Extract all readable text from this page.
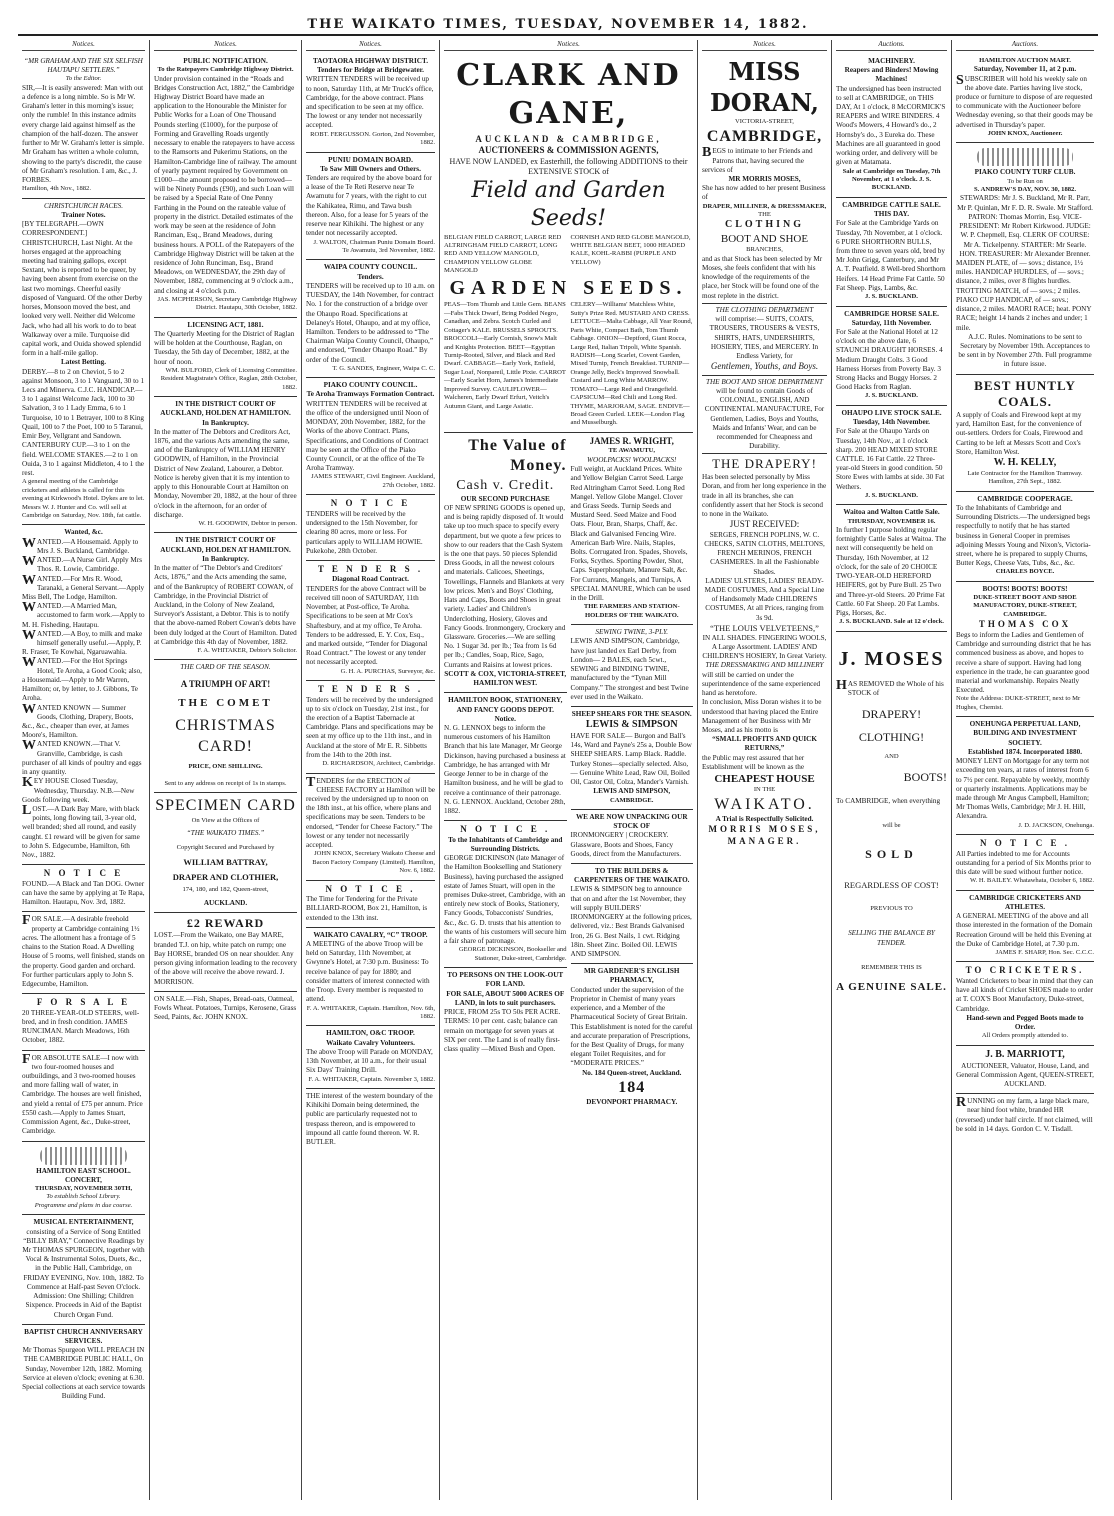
THE WAIKATO TIMES, TUESDAY, NOVEMBER 14, 1882.
Notices.
“MR GRAHAM AND THE SIX SELFISH HAUTAPU SETTLERS.”
To the Editor.
SIR,—It is easily answered: Man with out a defence is a long nimble. So is Mr W. Graham's letter in this morning's issue; only the rumble! In this instance admits every charge laid against himself as the champion of the half-dozen. The answer further to Mr W. Graham's letter is simple. Mr Graham has written a whole column, showing to the party's discredit, the cause of Mr Graham's resolution. I am, &c., J. FORBES.
Hamilton, 4th Nov., 1882.
CHRISTCHURCH RACES.
Trainer Notes.
[BY TELEGRAPH.—OWN CORRESPONDENT.] CHRISTCHURCH, Last Night. At the horses engaged at the approaching meeting had training gallops, except Sextant, who is reported to be queer, by having been absent from exercise on the last two mornings. Cheerful easily disposed of Vanguard. Of the other Derby horses, Monsoon moved the best, and looked very well. Neither did Welcome Jack, who had all his work to do to beat Walkaway over a mile. Turquoise did capital work, and Ouida showed splendid form in a half-mile gallop.
Latest Betting.
DERBY.—8 to 2 on Cheviot, 5 to 2 against Monsoon, 3 to 1 Vanguard, 30 to 1 Lecs and Minerva. C.J.C. HANDICAP.—3 to 1 against Welcome Jack, 100 to 30 Salvation, 3 to 1 Lady Emma, 6 to 1 Turquoise, 10 to 1 Betrayer, 100 to 8 King Quail, 100 to 7 the Poet, 100 to 5 Taranui, Emir Bey, Vellgrant and Sandown. CANTERBURY CUP.—3 to 1 on the field. WELCOME STAKES.—2 to 1 on Ouida, 3 to 1 against Middleton, 4 to 1 the rest.
A general meeting of the Cambridge cricketers and athletes is called for this evening at Kirkwood's Hotel. Dykes are to let. Messrs W. J. Hunter and Co. will sell at Cambridge on Saturday, Nov. 18th, fat cattle.
Wanted, &c.
WANTED.—A Housemaid. Apply to Mrs J. S. Buckland, Cambridge.
WANTED.—A Nurse Girl. Apply Mrs Thos. R. Lowie, Cambridge.
WANTED.—For Mrs R. Wood, Taranaki, a General Servant.—Apply Miss Bell, The Lodge, Hamilton.
WANTED.—A Married Man, accustomed to farm work.—Apply to M. H. Fisheding, Hautapu.
WANTED.—A Boy, to milk and make himself generally useful.—Apply, P. R. Fraser, Te Kowhai, Ngaruawahia.
WANTED.—For the Hot Springs Hotel, Te Aroha, a Good Cook; also, a Housemaid.—Apply to Mr Warren, Hamilton; or, by letter, to J. Gibbons, Te Aroha.
WANTED KNOWN — Summer Goods, Clothing, Drapery, Boots, &c., &c., cheaper than ever, at James Moore's, Hamilton.
WANTED KNOWN.—That V. Granville, Cambridge, is cash purchaser of all kinds of poultry and eggs in any quantity.
KEY HOUSE Closed Tuesday, Wednesday, Thursday. N.B.—New Goods following week.
LOST.—A Dark Bay Mare, with black points, long flowing tail, 3-year old, well branded; shed all round, and easily caught. £1 reward will be given for same to John S. Edgecumbe, Hamilton, 6th Nov., 1882.
N O T I C E
FOUND.—A Black and Tan DOG. Owner can have the same by applying at Te Rapa, Hamilton. Hautapu, Nov. 3rd, 1882.
FOR SALE.—A desirable freehold property at Cambridge containing 1½ acres. The allotment has a frontage of 5 chains to the Station Road. A Dwelling House of 5 rooms, well finished, stands on the property. Good garden and orchard. For further particulars apply to John S. Edgecumbe, Hamilton.
F O R S A L E
20 THREE-YEAR-OLD STEERS, well-bred, and in fresh condition. JAMES RUNCIMAN. March Meadows, 16th October, 1882.
FOR ABSOLUTE SALE—I now with two four-roomed houses and outbuildings, and 3 two-roomed houses and more falling wall of water, in Cambridge. The houses are well finished, and yield a rental of £75 per annum. Price £550 cash.—Apply to James Stuart, Commission Agent, &c., Duke-street, Cambridge.
HAMILTON EAST SCHOOL.
CONCERT,
THURSDAY, NOVEMBER 30TH,
To establish School Library.
Programme and plans in due course.
MUSICAL ENTERTAINMENT,
consisting of a Service of Song Entitled “BILLY BRAY,” Connective Readings by Mr THOMAS SPURGEON, together with Vocal & Instrumental Solos, Duets, &c., in the Public Hall, Cambridge, on FRIDAY EVENING, Nov. 10th, 1882. To Commence at Half-past Seven O'clock. Admission: One Shilling; Children Sixpence. Proceeds in Aid of the Baptist Church Organ Fund.
BAPTIST CHURCH ANNIVERSARY SERVICES.
Mr Thomas Spurgeon WILL PREACH IN THE CAMBRIDGE PUBLIC HALL, On Sunday, November 12th, 1882. Morning Service at eleven o'clock; evening at 6.30. Special collections at each service towards Building Fund.
Notices.
PUBLIC NOTIFICATION.
To the Ratepayers Cambridge Highway District.
Under provision contained in the “Roads and Bridges Construction Act, 1882,” the Cambridge Highway District Board have made an application to the Honourable the Minister for Public Works for a Loan of One Thousand Pounds sterling (£1000), for the purpose of Forming and Gravelling Roads urgently necessary to enable the ratepayers to have access to the Ramsorts and Pukerimu Stations, on the Hamilton-Cambridge line of railway. The amount of yearly payment required by Government on £1000—the amount proposed to be borrowed—will be Ninety Pounds (£90), and such Loan will be raised by a Special Rate of One Penny Farthing in the Pound on the rateable value of property in the district. Detailed estimates of the work may be seen at the residence of John Ranciman, Esq., Brand Meadows, during business hours. A POLL of the Ratepayers of the Cambridge Highway District will be taken at the residence of John Runciman, Esq., Brand Meadows, on WEDNESDAY, the 29th day of November, 1882, commencing at 9 o'clock a.m., and closing at 4 o'clock p.m.
JAS. MCPHERSON, Secretary Cambridge Highway District. Hautapu, 30th October, 1882.
LICENSING ACT, 1881.
The Quarterly Meeting for the District of Raglan will be holden at the Courthouse, Raglan, on Tuesday, the 5th day of December, 1882, at the hour of noon.
WM. BULFORD, Clerk of Licensing Committee. Resident Magistrate's Office, Raglan, 28th October, 1882.
IN THE DISTRICT COURT OF AUCKLAND, HOLDEN AT HAMILTON.
In Bankruptcy.
In the matter of The Debtors and Creditors Act, 1876, and the various Acts amending the same, and of the Bankruptcy of WILLIAM HENRY GOODWIN, of Hamilton, in the Provincial District of New Zealand, Labourer, a Debtor. Notice is hereby given that it is my intention to apply to this Honourable Court at Hamilton on Monday, November 20, 1882, at the hour of three o'clock in the afternoon, for an order of discharge.
W. H. GOODWIN, Debtor in person.
IN THE DISTRICT COURT OF AUCKLAND, HOLDEN AT HAMILTON.
In Bankruptcy.
In the matter of “The Debtor's and Creditors' Acts, 1876,” and the Acts amending the same, and of the Bankruptcy of ROBERT COWAN, of Cambridge, in the Provincial District of Auckland, in the Colony of New Zealand, Surveyor's Assistant, a Debtor. This is to notify that the above-named Robert Cowan's debts have been duly lodged at the Court of Hamilton. Dated at Cambridge this 4th day of November, 1882.
F. A. WHITAKER, Debtor's Solicitor.
THE CARD OF THE SEASON.
A TRIUMPH OF ART!
THE COMET
CHRISTMAS CARD!
PRICE, ONE SHILLING.
Sent to any address on receipt of 1s in stamps.
SPECIMEN CARD
On View at the Offices of
“THE WAIKATO TIMES.”
Copyright Secured and Purchased by
WILLIAM BATTRAY,
DRAPER AND CLOTHIER,
174, 180, and 182, Queen-street,
AUCKLAND.
£2 REWARD
LOST.—From the Waikato, one Bay MARE, branded T.J. on hip, white patch on rump; one Bay HORSE, branded OS on near shoulder. Any person giving information leading to the recovery of the above will receive the above reward. J. MORRISON.
ON SALE.—Fish, Shapes, Bread-oats, Oatmeal, Fowls Wheat. Potatoes, Turnips, Kerosene, Grass Seed, Paints, &c. JOHN KNOX.
Notices.
TAOTAORA HIGHWAY DISTRICT.
Tenders for Bridge at Bridgewater.
WRITTEN TENDERS will be received up to noon, Saturday 11th, at Mr Truck's office, Cambridge, for the above contract. Plans and specification to be seen at my office. The lowest or any tender not necessarily accepted.
ROBT. FERGUSSON. Gorton, 2nd November, 1882.
PUNIU DOMAIN BOARD.
To Saw Mill Owners and Others.
Tenders are required by the above board for a lease of the Te Reti Reserve near Te Awamutu for 7 years, with the right to cut the Kahikatea, Rimu, and Tawa bush thereon. Also, for a lease for 5 years of the reserve near Kihikihi. The highest or any tender not necessarily accepted.
J. WALTON, Chairman Puniu Domain Board. Te Awamutu, 3rd November, 1882.
WAIPA COUNTY COUNCIL.
Tenders.
TENDERS will be received up to 10 a.m. on TUESDAY, the 14th November, for contract No. 1 for the construction of a bridge over the Ohaupo Road. Specifications at Delaney's Hotel, Ohaupo, and at my office, Hamilton. Tenders to be addressed to “The Chairman Waipa County Council, Ohaupo,” and endorsed, “Tender Ohaupo Road.” By order of the Council.
T. G. SANDES, Engineer, Waipa C. C.
PIAKO COUNTY COUNCIL.
Te Aroha Tramways Formation Contract.
WRITTEN TENDERS will be received at the office of the undersigned until Noon of MONDAY, 20th November, 1882, for the Works of the above Contract. Plans, Specifications, and Conditions of Contract may be seen at the Office of the Piako County Council, or at the office of the Te Aroha Tramway.
JAMES STEWART, Civil Engineer. Auckland, 27th October, 1882.
N O T I C E
TENDERS will be received by the undersigned to the 15th November, for clearing 80 acres, more or less. For particulars apply to WILLIAM HOWIE. Pukekohe, 28th October.
T E N D E R S .
Diagonal Road Contract.
TENDERS for the above Contract will be received till noon of SATURDAY, 11th November, at Post-office, Te Aroha. Specifications to be seen at Mr Cox's Shaftesbury, and at my office, Te Aroha. Tenders to be addressed, E. Y. Cox, Esq., and marked outside, “Tender for Diagonal Road Contract.” The lowest or any tender not necessarily accepted.
G. H. A. PURCHAS, Surveyor, &c.
T E N D E R S .
Tenders will be received by the undersigned up to six o'clock on Tuesday, 21st inst., for the erection of a Baptist Tabernacle at Cambridge. Plans and specifications may be seen at my office up to the 11th inst., and in Auckland at the store of Mr E. R. Sibbetts from the 14th to the 20th inst.
D. RICHARDSON, Architect, Cambridge.
TENDERS for the ERECTION of CHEESE FACTORY at Hamilton will be received by the undersigned up to noon on the 18th inst., at his office, where plans and specifications may be seen. Tenders to be endorsed, “Tender for Cheese Factory.” The lowest or any tender not necessarily accepted.
JOHN KNOX, Secretary Waikato Cheese and Bacon Factory Company (Limited). Hamilton, Nov. 6, 1882.
N O T I C E .
The Time for Tendering for the Private BILLIARD-ROOM, Box 21, Hamilton, is extended to the 13th inst.
WAIKATO CAVALRY, “C” TROOP.
A MEETING of the above Troop will be held on Saturday, 11th November, at Gwynne's Hotel, at 7:30 p.m. Business: To receive balance of pay for 1880; and consider matters of interest connected with the Troop. Every member is requested to attend.
F. A. WHITAKER, Captain. Hamilton, Nov. 6th, 1882.
HAMILTON, O&C TROOP.
Waikato Cavalry Volunteers.
The above Troop will Parade on MONDAY, 13th November, at 10 a.m., for their usual Six Days' Training Drill.
F. A. WHITAKER, Captain. November 3, 1882.
THE interest of the western boundary of the Kihikihi Domain being determined, the public are particularly requested not to trespass thereon, and is empowered to impound all cattle found thereon. W. R. BUTLER.
Notices.
CLARK AND GANE,
AUCKLAND & CAMBRIDGE,
AUCTIONEERS & COMMISSION AGENTS,
HAVE NOW LANDED, ex Easterhill, the following ADDITIONS to their EXTENSIVE STOCK of
Field and Garden Seeds!
BELGIAN FIELD CARROT, LARGE RED ALTRINGHAM FIELD CARROT, LONG RED AND YELLOW MANGOLD, CHAMPION YELLOW GLOBE MANGOLD
CORNISH AND RED GLOBE MANGOLD, WHITE BELGIAN BEET, 1000 HEADED KALE, KOHL-RABBI (PURPLE AND YELLOW)
GARDEN SEEDS.
PEAS—Tom Thumb and Little Gem. BEANS—Fabs Thick Dwarf, Bring Podded Negro, Canadian, and Zebra. Scotch Curled and Cottager's KALE. BRUSSELS SPROUTS. BROCCOLI—Early Cornish, Snow's Malt and Knights Protection. BEET—Egyptian Turnip-Rooted, Silver, and Black and Red Dwarf. CABBAGE—Early York, Enfield, Sugar Loaf, Nonpareil, Little Pixie. CARROT—Early Scarlet Horn, James's Intermediate Improved Survey. CAULIFLOWER—Walcheren, Early Dwarf Erfurt, Veitch's Autumn Giant, and Large Asiatic.
CELERY—Williams' Matchless White, Sutty's Prize Red. MUSTARD AND CRESS. LETTUCE—Malta Cabbage, All Year Round, Paris White, Compact Bath, Tom Thumb Cabbage. ONION—Deptford, Giant Rocca, Large Red, Italian Tripoli, White Spanish. RADISH—Long Scarlet, Covent Garden, Mixed Turnip, French Breakfast. TURNIP—Orange Jelly, Beck's Improved Snowball. Custard and Long White MARROW. TOMATO—Large Red and Orangefield. CAPSICUM—Red Chili and Long Red. THYME, MARJORAM, SAGE. ENDIVE—Broad Green Curled. LEEK—London Flag and Musselburgh.
The Value of Money.
Cash v. Credit.
OUR SECOND PURCHASE
OF NEW SPRING GOODS is opened up, and is being rapidly disposed of. It would take up too much space to specify every department, but we quote a few prices to show to our readers that the Cash System is the one that pays. 50 pieces Splendid Dress Goods, in all the newest colours and materials. Calicoes, Sheetings, Towellings, Flannels and Blankets at very low prices. Men's and Boys' Clothing, Hats and Caps, Boots and Shoes in great variety. Ladies' and Children's Underclothing, Hosiery, Gloves and Fancy Goods. Ironmongery, Crockery and Glassware. Groceries.—We are selling No. 1 Sugar 3d. per lb.; Tea from 1s 6d per lb.; Candles, Soap, Rice, Sago, Currants and Raisins at lowest prices.
SCOTT & COX, VICTORIA-STREET, HAMILTON WEST.
HAMILTON BOOK, STATIONERY, AND FANCY GOODS DEPOT.
Notice.
N. G. LENNOX begs to inform the numerous customers of his Hamilton Branch that his late Manager, Mr George Dickinson, having purchased a business at Cambridge, he has arranged with Mr George Jenner to be in charge of the Hamilton business, and he will be glad to receive a continuance of their patronage. N. G. LENNOX. Auckland, October 28th, 1882.
N O T I C E .
To the Inhabitants of Cambridge and Surrounding Districts.
GEORGE DICKINSON (late Manager of the Hamilton Bookselling and Stationery Business), having purchased the assigned estate of James Stuart, will open in the premises Duke-street, Cambridge, with an entirely new stock of Books, Stationery, Fancy Goods, Tobacconists' Sundries, &c., &c. G. D. trusts that his attention to the wants of his customers will secure him a fair share of patronage.
GEORGE DICKINSON, Bookseller and Stationer, Duke-street, Cambridge.
TO PERSONS ON THE LOOK-OUT FOR LAND.
FOR SALE, ABOUT 5000 ACRES OF LAND, in lots to suit purchasers.
PRICE, FROM 25s TO 50s PER ACRE. TERMS: 10 per cent. cash; balance can remain on mortgage for seven years at SIX per cent. The Land is of really first-class quality —Mixed Bush and Open.
JAMES R. WRIGHT,
TE AWAMUTU,
WOOLPACKS! WOOLPACKS!
Full weight, at Auckland Prices. White and Yellow Belgian Carrot Seed. Large Red Altringham Carrot Seed. Long Red Mangel. Yellow Globe Mangel. Clover and Grass Seeds. Turnip Seeds and Mustard Seed. Seed Maize and Food Oats. Flour, Bran, Sharps, Chaff, &c. Black and Galvanised Fencing Wire. American Barb Wire. Nails, Staples, Bolts. Corrugated Iron. Spades, Shovels, Forks, Scythes. Sporting Powder, Shot, Caps. Superphosphate, Manure Salt, &c. For Currants, Mangels, and Turnips, A SPECIAL MANURE, Which can be used in the Drill.
THE FARMERS AND STATION-HOLDERS OF THE WAIKATO.
SEWING TWINE, 3-PLY.
LEWIS AND SIMPSON, Cambridge, have just landed ex Earl Derby, from London— 2 BALES, each 5cwt., SEWING and BINDING TWINE, manufactured by the “Tynan Mill Company.” The strongest and best Twine ever used in the Waikato.
SHEEP SHEARS FOR THE SEASON.
LEWIS & SIMPSON
HAVE FOR SALE— Burgon and Ball's 14s, Ward and Payne's 25s a, Double Bow SHEEP SHEARS. Lamp Black. Raddle. Turkey Stones—specially selected. Also,— Genuine White Lead, Raw Oil, Boiled Oil, Castor Oil, Colza, Mander's Varnish.
LEWIS AND SIMPSON,
CAMBRIDGE.
WE ARE NOW UNPACKING OUR STOCK OF
IRONMONGERY | CROCKERY. Glassware, Boots and Shoes, Fancy Goods, direct from the Manufacturers.
TO THE BUILDERS & CARPENTERS OF THE WAIKATO.
LEWIS & SIMPSON beg to announce that on and after the 1st November, they will supply BUILDERS' IRONMONGERY at the following prices, delivered, viz.: Best Brands Galvanised Iron, 26 G. Best Nails, 1 cwt. Ridging 18in. Sheet Zinc. Boiled Oil. LEWIS AND SIMPSON.
MR GARDENER'S ENGLISH PHARMACY,
Conducted under the supervision of the Proprietor in Chemist of many years experience, and a Member of the Pharmaceutical Society of Great Britain. This Establishment is noted for the careful and accurate preparation of Prescriptions, for the Best Quality of Drugs, for many elegant Toilet Requisites, and for “MODERATE PRICES.”
No. 184 Queen-street, Auckland.
184
DEVONPORT PHARMACY.
Notices.
MISS DORAN,
VICTORIA-STREET,
CAMBRIDGE,
BEGS to intimate to her Friends and Patrons that, having secured the services of
MR MORRIS MOSES,
She has now added to her present Business of
DRAPER, MILLINER, & DRESSMAKER,
THE
CLOTHING
BOOT AND SHOE
BRANCHES,
and as that Stock has been selected by Mr Moses, she feels confident that with his knowledge of the requirements of the place, her Stock will be found one of the most replete in the district.
THE CLOTHING DEPARTMENT
will comprise:— SUITS, COATS, TROUSERS, TROUSERS & VESTS, SHIRTS, HATS, UNDERSHIRTS, HOSIERY, TIES, and MERCERY. In Endless Variety, for
Gentlemen, Youths, and Boys.
THE BOOT AND SHOE DEPARTMENT
will be found to contain Goods of COLONIAL, ENGLISH, AND CONTINENTAL MANUFACTURE, For Gentlemen, Ladies, Boys and Youths, Maids and Infants' Wear, and can be recommended for Cheapness and Durability.
THE DRAPERY!
Has been selected personally by Miss Doran, and from her long experience in the trade in all its branches, she can confidently assert that her Stock is second to none in the Waikato.
JUST RECEIVED:
SERGES, FRENCH POPLINS, W. C. CHECKS, SATIN CLOTHS, MELTONS, FRENCH MERINOS, FRENCH CASHMERES. In all the Fashionable Shades.
LADIES' ULSTERS, LADIES' READY-MADE COSTUMES, And a Special Line of Handsomely Made CHILDREN'S COSTUMES, At all Prices, ranging from 3s 9d.
“THE LOUIS VELVETEENS,”
IN ALL SHADES. FINGERING WOOLS, A Large Assortment. LADIES' AND CHILDREN'S HOSIERY, In Great Variety.
THE DRESSMAKING AND MILLINERY
will still be carried on under the superintendence of the same experienced hand as heretofore.
In conclusion, Miss Doran wishes it to be understood that having placed the Entire Management of her Business with Mr Moses, and as his motto is
“SMALL PROFITS AND QUICK RETURNS,”
the Public may rest assured that her Establishment will be known as the
CHEAPEST HOUSE
IN THE
WAIKATO.
A Trial is Respectfully Solicited.
MORRIS MOSES, MANAGER.
Auctions.
MACHINERY.
Reapers and Binders! Mowing Machines!
The undersigned has been instructed to sell at CAMBRIDGE, on THIS DAY, At 1 o'clock, 8 McCORMICK'S REAPERS and WIRE BINDERS. 4 Wood's Mowers, 4 Howard's do., 2 Hornsby's do., 3 Eureka do. These Machines are all guaranteed in good working order, and delivery will be given at Matamata.
Sale at Cambridge on Tuesday, 7th November, at 1 o'clock. J. S. BUCKLAND.
CAMBRIDGE CATTLE SALE.
THIS DAY.
For Sale at the Cambridge Yards on Tuesday, 7th November, at 1 o'clock. 6 PURE SHORTHORN BULLS, from three to seven years old, bred by Mr John Grigg, Canterbury, and Mr A. T. Peatfield. 8 Well-bred Shorthorn Heifers. 14 Head Prime Fat Cattle. 50 Fat Sheep. Pigs, Lambs, &c.
J. S. BUCKLAND.
CAMBRIDGE HORSE SALE.
Saturday, 11th November.
For Sale at the National Hotel at 12 o'clock on the above date, 6 STAUNCH DRAUGHT HORSES. 4 Medium Draught Colts. 3 Good Harness Horses from Poverty Bay. 3 Strong Hacks and Buggy Horses. 2 Good Hacks from Raglan.
J. S. BUCKLAND.
OHAUPO LIVE STOCK SALE.
Tuesday, 14th November.
For Sale at the Ohaupo Yards on Tuesday, 14th Nov., at 1 o'clock sharp. 200 HEAD MIXED STORE CATTLE. 16 Fat Cattle. 22 Three-year-old Steers in good condition. 50 Store Ewes with lambs at side. 30 Fat Wethers.
J. S. BUCKLAND.
Waitoa and Walton Cattle Sale.
THURSDAY, NOVEMBER 16.
In further I purpose holding regular fortnightly Cattle Sales at Waitoa. The next will consequently be held on Thursday, 16th November, at 12 o'clock, for the sale of 20 CHOICE TWO-YEAR-OLD HEREFORD HEIFERS, got by Pure Bull. 25 Two and Three-yr-old Steers. 20 Prime Fat Cattle. 60 Fat Sheep. 20 Fat Lambs. Pigs, Horses, &c.
J. S. BUCKLAND. Sale at 12 o'clock.
J. MOSES
HAS REMOVED the Whole of his STOCK of
DRAPERY!
CLOTHING!
AND
BOOTS!
To CAMBRIDGE, when everything
will be
SOLD
REGARDLESS OF COST!
PREVIOUS TO
SELLING THE BALANCE BY TENDER.
REMEMBER THIS IS
A GENUINE SALE.
Auctions.
HAMILTON AUCTION MART.
Saturday, November 11, at 2 p.m.
SUBSCRIBER will hold his weekly sale on the above date. Parties having live stock, produce or furniture to dispose of are requested to communicate with the Auctioneer before Wednesday evening, so that their goods may be advertised in Thursday's paper.
JOHN KNOX, Auctioneer.
PIAKO COUNTY TURF CLUB.
To be Run on
S. ANDREW'S DAY, NOV. 30, 1882.
STEWARDS: Mr J. S. Buckland, Mr R. Parr, Mr P. Quinlan, Mr F. D. R. Swale. Mr Stafford. PATRON: Thomas Morrin, Esq. VICE-PRESIDENT: Mr Robert Kirkwood. JUDGE: W. P. Chepmell, Esq. CLERK OF COURSE: Mr A. Tickelpenny. STARTER: Mr Searle. HON. TREASURER: Mr Alexander Brenner.
MAIDEN PLATE, of — sovs.; distance, 1½ miles. HANDICAP HURDLES, of — sovs.; distance, 2 miles, over 8 flights hurdles. TROTTING MATCH, of — sovs.; 2 miles. PIAKO CUP HANDICAP, of — sovs.; distance, 2 miles. MAORI RACE; heat. PONY RACE; height 14 hands 2 inches and under; 1 mile.
A.J.C. Rules. Nominations to be sent to Secretary by November 19th. Acceptances to be sent in by November 27th. Full programme in future issue.
BEST HUNTLY COALS.
A supply of Coals and Firewood kept at my yard, Hamilton East, for the convenience of out-settlers. Orders for Coals, Firewood and Carting to be left at Messrs Scott and Cox's Store, Hamilton West.
W. H. KELLY,
Late Contractor for the Hamilton Tramway. Hamilton, 27th Sept., 1882.
CAMBRIDGE COOPERAGE.
To the Inhabitants of Cambridge and Surrounding Districts.—The undersigned begs respectfully to notify that he has started business in General Cooper in premises adjoining Messrs Young and Nixon's, Victoria-street, where he is prepared to supply Churns, Butter Kegs, Cheese Vats, Tubs, &c., &c.
CHARLES BOYCE.
BOOTS! BOOTS! BOOTS!
DUKE-STREET BOOT AND SHOE MANUFACTORY, DUKE-STREET, CAMBRIDGE.
THOMAS COX
Begs to inform the Ladies and Gentlemen of Cambridge and surrounding district that he has commenced business as above, and hopes to receive a share of support. Having had long experience in the trade, he can guarantee good material and workmanship. Repairs Neatly Executed.
Note the Address: DUKE-STREET, next to Mr Hughes, Chemist.
ONEHUNGA PERPETUAL LAND, BUILDING AND INVESTMENT SOCIETY.
Established 1874. Incorporated 1880.
MONEY LENT on Mortgage for any term not exceeding ten years, at rates of interest from 6 to 7½ per cent. Repayable by weekly, monthly or quarterly instalments. Applications may be made through Mr Angus Campbell, Hamilton; Mr Thomas Wells, Cambridge; Mr J. H. Hill, Alexandra.
J. D. JACKSON, Onehunga.
N O T I C E .
All Parties indebted to me for Accounts outstanding for a period of Six Months prior to this date will be sued without further notice.
W. H. BAILEY. Whatawhata, October 6, 1882.
CAMBRIDGE CRICKETERS AND ATHLETES.
A GENERAL MEETING of the above and all those interested in the formation of the Domain Recreation Ground will be held this Evening at the Duke of Cambridge Hotel, at 7.30 p.m.
JAMES F. SHARP, Hon. Sec. C.C.C.
TO CRICKETERS.
Wanted Cricketers to bear in mind that they can have all kinds of Cricket SHOES made to order at T. COX'S Boot Manufactory, Duke-street, Cambridge.
Hand-sewn and Pegged Boots made to Order.
All Orders promptly attended to.
J. B. MARRIOTT,
AUCTIONEER, Valuator, House, Land, and General Commission Agent, QUEEN-STREET, AUCKLAND.
RUNNING on my farm, a large black mare, near hind foot white, branded HR (reversed) under half circle. If not claimed, will be sold in 14 days. Gordon C. V. Tisdall.
